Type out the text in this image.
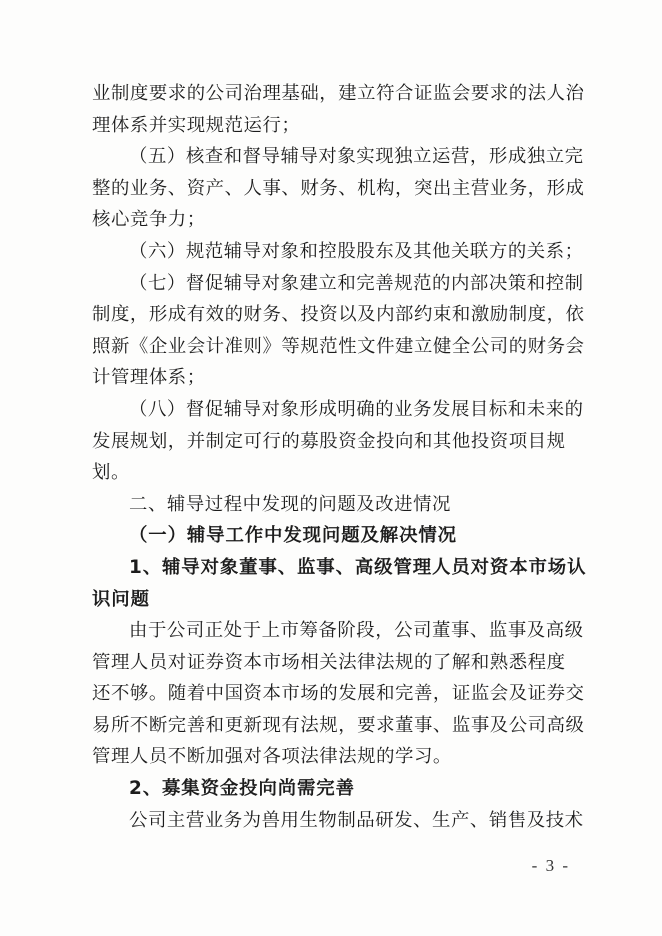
业制度要求的公司治理基础，建立符合证监会要求的法人治
理体系并实现规范运行；
（五）核查和督导辅导对象实现独立运营，形成独立完
整的业务、资产、人事、财务、机构，突出主营业务，形成
核心竞争力；
（六）规范辅导对象和控股股东及其他关联方的关系；
（七）督促辅导对象建立和完善规范的内部决策和控制
制度，形成有效的财务、投资以及内部约束和激励制度，依
照新《企业会计准则》等规范性文件建立健全公司的财务会
计管理体系；
（八）督促辅导对象形成明确的业务发展目标和未来的
发展规划，并制定可行的募股资金投向和其他投资项目规
划。
二、辅导过程中发现的问题及改进情况
（一）辅导工作中发现问题及解决情况
1、辅导对象董事、监事、高级管理人员对资本市场认
识问题
由于公司正处于上市筹备阶段，公司董事、监事及高级
管理人员对证券资本市场相关法律法规的了解和熟悉程度
还不够。随着中国资本市场的发展和完善，证监会及证券交
易所不断完善和更新现有法规，要求董事、监事及公司高级
管理人员不断加强对各项法律法规的学习。
2、募集资金投向尚需完善
公司主营业务为兽用生物制品研发、生产、销售及技术
- 3 -
